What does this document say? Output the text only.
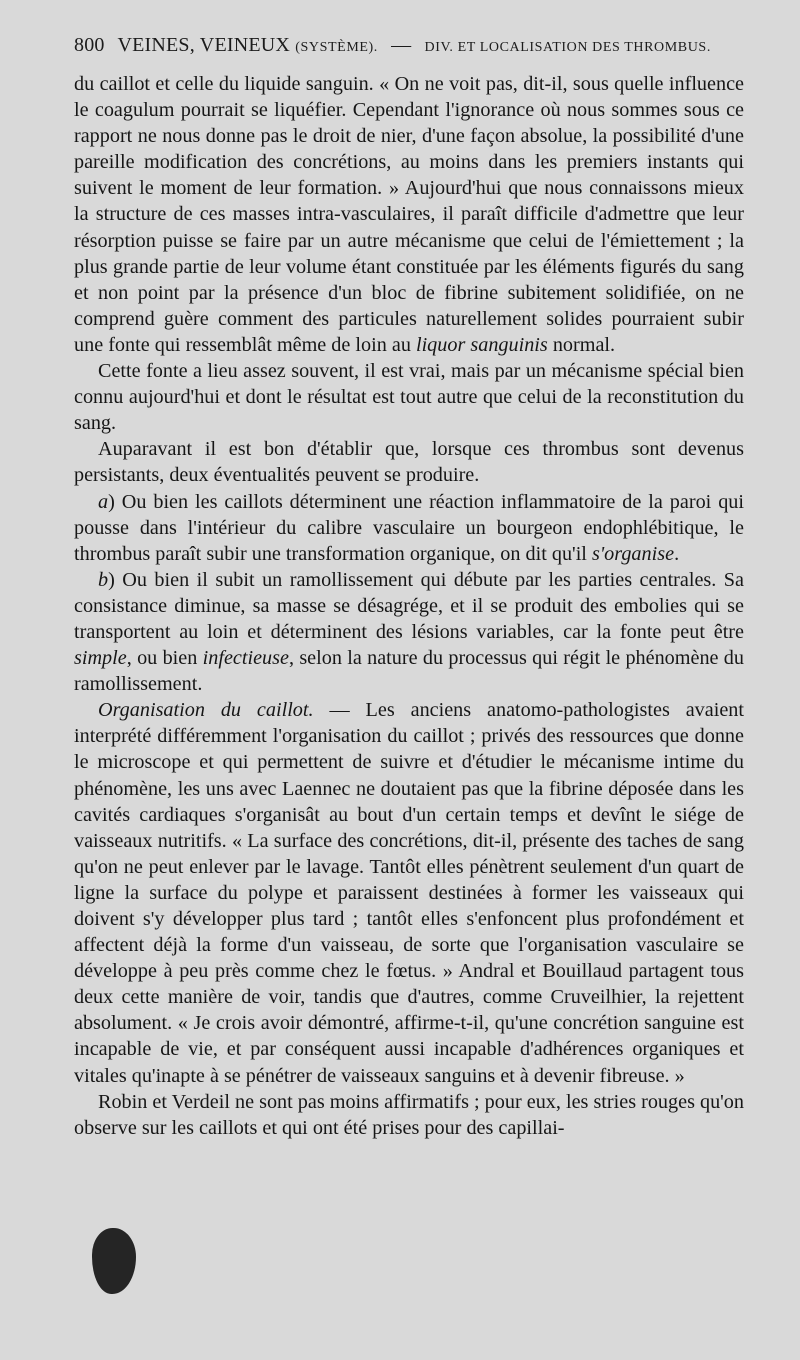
800 VEINES, VEINEUX (SYSTÈME). — DIV. ET LOCALISATION DES THROMBUS.

du caillot et celle du liquide sanguin. « On ne voit pas, dit-il, sous quelle influence le coagulum pourrait se liquéfier. Cependant l'ignorance où nous sommes sous ce rapport ne nous donne pas le droit de nier, d'une façon absolue, la possibilité d'une pareille modification des concrétions, au moins dans les premiers instants qui suivent le moment de leur formation. » Aujourd'hui que nous connaissons mieux la structure de ces masses intra-vasculaires, il paraît difficile d'admettre que leur résorption puisse se faire par un autre mécanisme que celui de l'émiettement ; la plus grande partie de leur volume étant constituée par les éléments figurés du sang et non point par la présence d'un bloc de fibrine subitement solidifiée, on ne comprend guère comment des particules naturellement solides pourraient subir une fonte qui ressemblât même de loin au liquor sanguinis normal.

Cette fonte a lieu assez souvent, il est vrai, mais par un mécanisme spécial bien connu aujourd'hui et dont le résultat est tout autre que celui de la reconstitution du sang.

Auparavant il est bon d'établir que, lorsque ces thrombus sont devenus persistants, deux éventualités peuvent se produire.

a) Ou bien les caillots déterminent une réaction inflammatoire de la paroi qui pousse dans l'intérieur du calibre vasculaire un bourgeon endophlébitique, le thrombus paraît subir une transformation organique, on dit qu'il s'organise.

b) Ou bien il subit un ramollissement qui débute par les parties centrales. Sa consistance diminue, sa masse se désagrége, et il se produit des embolies qui se transportent au loin et déterminent des lésions variables, car la fonte peut être simple, ou bien infectieuse, selon la nature du processus qui régit le phénomène du ramollissement.

Organisation du caillot. — Les anciens anatomo-pathologistes avaient interprété différemment l'organisation du caillot ; privés des ressources que donne le microscope et qui permettent de suivre et d'étudier le mécanisme intime du phénomène, les uns avec Laennec ne doutaient pas que la fibrine déposée dans les cavités cardiaques s'organisât au bout d'un certain temps et devînt le siége de vaisseaux nutritifs. « La surface des concrétions, dit-il, présente des taches de sang qu'on ne peut enlever par le lavage. Tantôt elles pénètrent seulement d'un quart de ligne la surface du polype et paraissent destinées à former les vaisseaux qui doivent s'y développer plus tard ; tantôt elles s'enfoncent plus profondément et affectent déjà la forme d'un vaisseau, de sorte que l'organisation vasculaire se développe à peu près comme chez le fœtus. » Andral et Bouillaud partagent tous deux cette manière de voir, tandis que d'autres, comme Cruveilhier, la rejettent absolument. « Je crois avoir démontré, affirme-t-il, qu'une concrétion sanguine est incapable de vie, et par conséquent aussi incapable d'adhérences organiques et vitales qu'inapte à se pénétrer de vaisseaux sanguins et à devenir fibreuse. »

Robin et Verdeil ne sont pas moins affirmatifs ; pour eux, les stries rouges qu'on observe sur les caillots et qui ont été prises pour des capillai-
